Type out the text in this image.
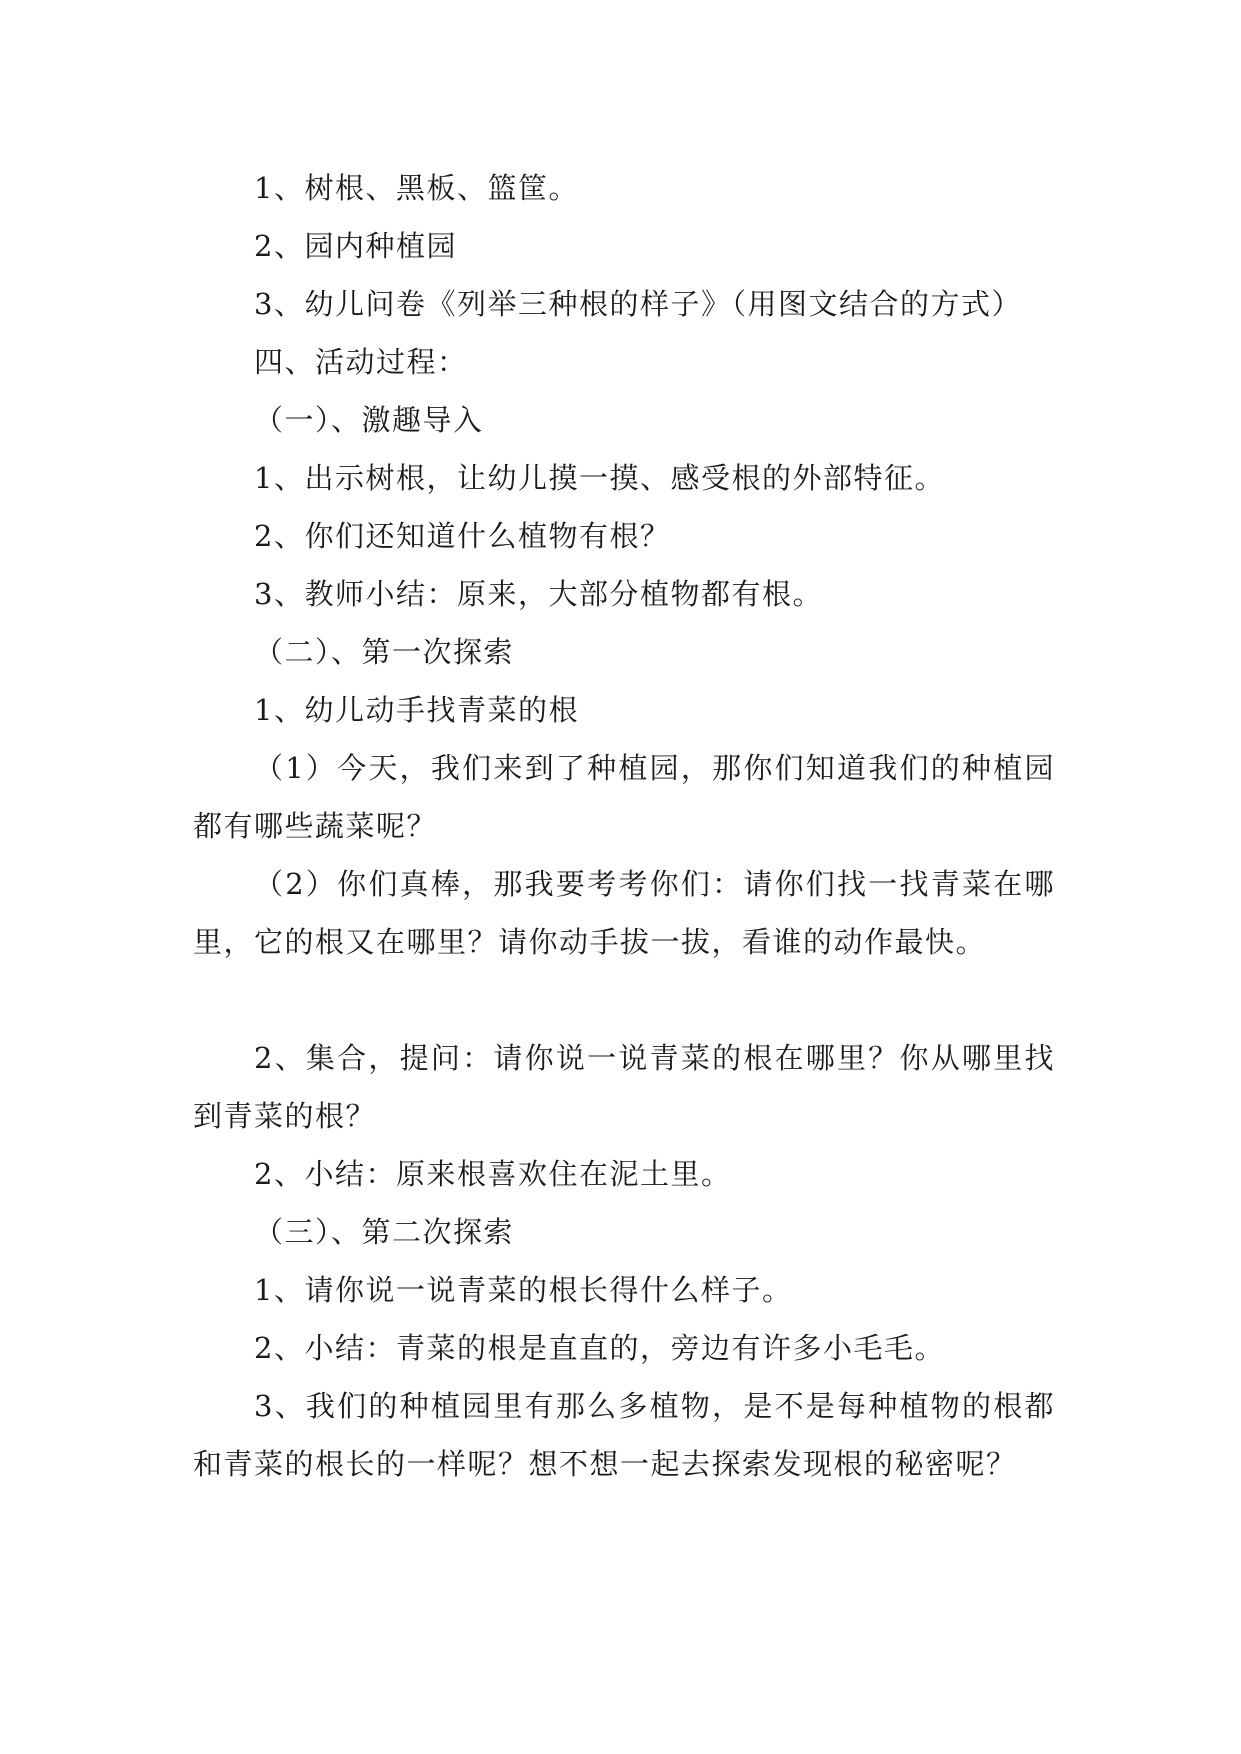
1、树根、黑板、篮筐。
2、园内种植园
3、幼儿问卷《列举三种根的样子》（用图文结合的方式）
四、活动过程：
（一）、激趣导入
1、出示树根，让幼儿摸一摸、感受根的外部特征。
2、你们还知道什么植物有根？
3、教师小结：原来，大部分植物都有根。
（二）、第一次探索
1、幼儿动手找青菜的根
（1）今天，我们来到了种植园，那你们知道我们的种植园都有哪些蔬菜呢？
（2）你们真棒，那我要考考你们：请你们找一找青菜在哪里，它的根又在哪里？请你动手拔一拔，看谁的动作最快。
2、集合，提问：请你说一说青菜的根在哪里？你从哪里找到青菜的根？
2、小结：原来根喜欢住在泥土里。
（三）、第二次探索
1、请你说一说青菜的根长得什么样子。
2、小结：青菜的根是直直的，旁边有许多小毛毛。
3、我们的种植园里有那么多植物，是不是每种植物的根都和青菜的根长的一样呢？想不想一起去探索发现根的秘密呢？
